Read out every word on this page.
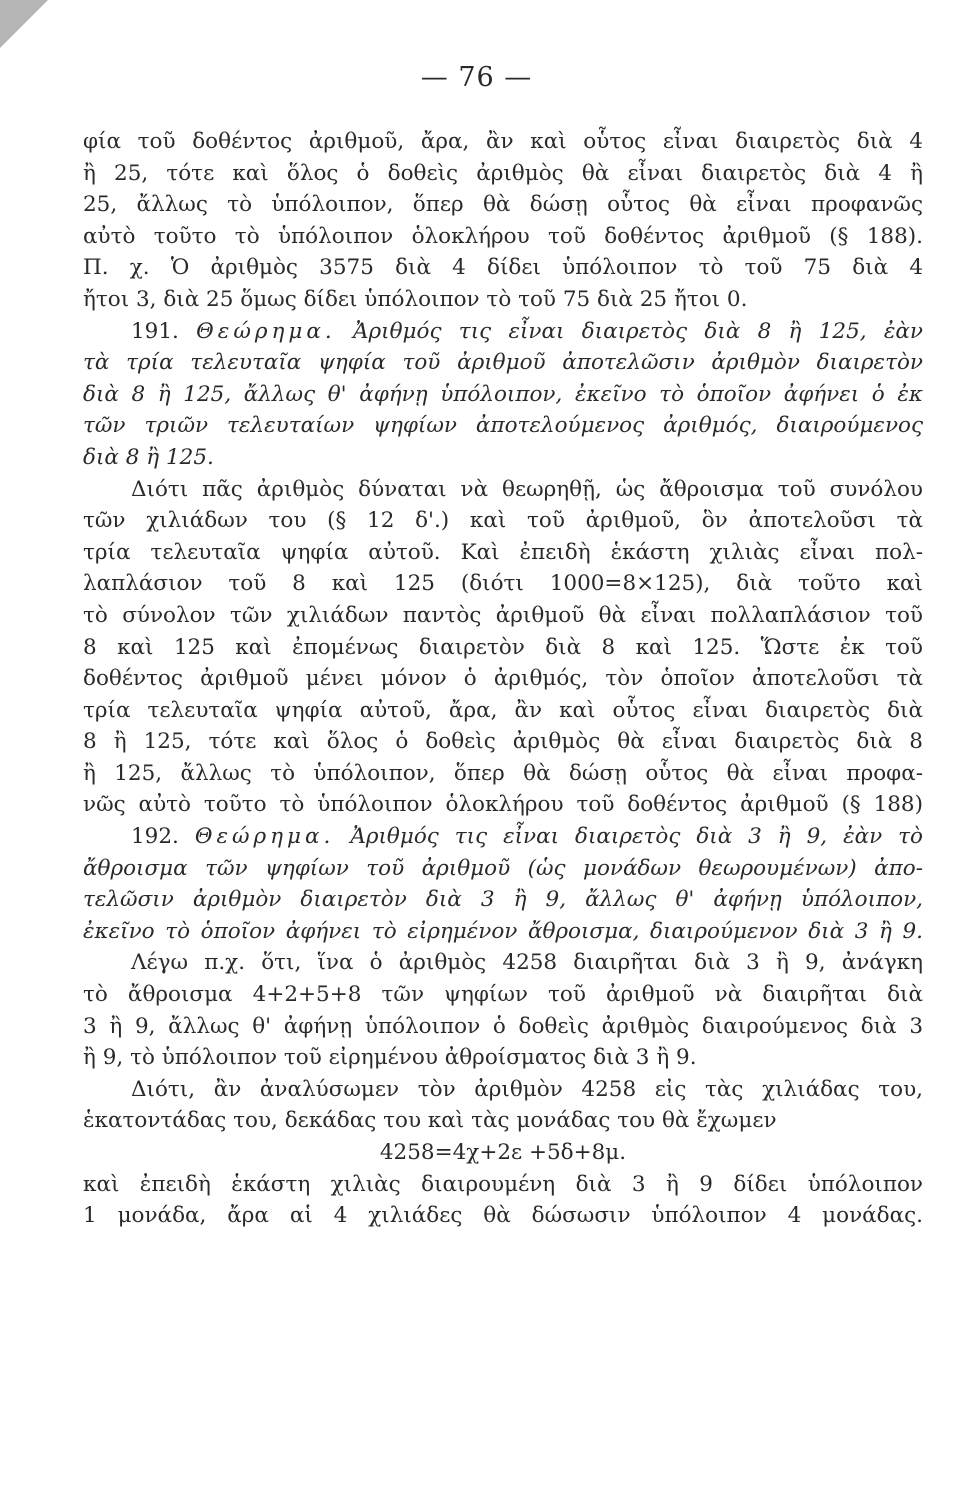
— 76 —
φία τοῦ δοθέντος ἀριθμοῦ, ἄρα, ἂν καὶ οὗτος εἶναι διαιρετὸς διὰ 4
ἢ 25, τότε καὶ ὅλος ὁ δοθεὶς ἀριθμὸς θὰ εἶναι διαιρετὸς διὰ 4 ἢ
25, ἄλλως τὸ ὑπόλοιπον, ὅπερ θὰ δώσῃ οὗτος θὰ εἶναι προφανῶς
αὐτὸ τοῦτο τὸ ὑπόλοιπον ὁλοκλήρου τοῦ δοθέντος ἀριθμοῦ (§ 188).
Π. χ. Ὁ ἀριθμὸς 3575 διὰ 4 δίδει ὑπόλοιπον τὸ τοῦ 75 διὰ 4
ἤτοι 3, διὰ 25 ὅμως δίδει ὑπόλοιπον τὸ τοῦ 75 διὰ 25 ἤτοι 0.
191. Θεώρημα. Ἀριθμός τις εἶναι διαιρετὸς διὰ 8 ἢ 125, ἐὰν
τὰ τρία τελευταῖα ψηφία τοῦ ἀριθμοῦ ἀποτελῶσιν ἀριθμὸν διαιρετὸν
διὰ 8 ἢ 125, ἄλλως θ' ἀφήνῃ ὑπόλοιπον, ἐκεῖνο τὸ ὁποῖον ἀφήνει ὁ ἐκ
τῶν τριῶν τελευταίων ψηφίων ἀποτελούμενος ἀριθμός, διαιρούμενος
διὰ 8 ἢ 125.
Διότι πᾶς ἀριθμὸς δύναται νὰ θεωρηθῇ, ὡς ἄθροισμα τοῦ συνόλου
τῶν χιλιάδων του (§ 12 δ'.) καὶ τοῦ ἀριθμοῦ, ὃν ἀποτελοῦσι τὰ
τρία τελευταῖα ψηφία αὐτοῦ. Καὶ ἐπειδὴ ἑκάστη χιλιὰς εἶναι πολ-
λαπλάσιον τοῦ 8 καὶ 125 (διότι 1000=8×125), διὰ τοῦτο καὶ
τὸ σύνολον τῶν χιλιάδων παντὸς ἀριθμοῦ θὰ εἶναι πολλαπλάσιον τοῦ
8 καὶ 125 καὶ ἐπομένως διαιρετὸν διὰ 8 καὶ 125. Ὥστε ἐκ τοῦ
δοθέντος ἀριθμοῦ μένει μόνον ὁ ἀριθμός, τὸν ὁποῖον ἀποτελοῦσι τὰ
τρία τελευταῖα ψηφία αὐτοῦ, ἄρα, ἂν καὶ οὗτος εἶναι διαιρετὸς διὰ
8 ἢ 125, τότε καὶ ὅλος ὁ δοθεὶς ἀριθμὸς θὰ εἶναι διαιρετὸς διὰ 8
ἢ 125, ἄλλως τὸ ὑπόλοιπον, ὅπερ θὰ δώσῃ οὗτος θὰ εἶναι προφα-
νῶς αὐτὸ τοῦτο τὸ ὑπόλοιπον ὁλοκλήρου τοῦ δοθέντος ἀριθμοῦ (§ 188)
192. Θεώρημα. Ἀριθμός τις εἶναι διαιρετὸς διὰ 3 ἢ 9, ἐὰν τὸ
ἄθροισμα τῶν ψηφίων τοῦ ἀριθμοῦ (ὡς μονάδων θεωρουμένων) ἀπο-
τελῶσιν ἀριθμὸν διαιρετὸν διὰ 3 ἢ 9, ἄλλως θ' ἀφήνῃ ὑπόλοιπον,
ἐκεῖνο τὸ ὁποῖον ἀφήνει τὸ εἰρημένον ἄθροισμα, διαιρούμενον διὰ 3 ἢ 9.
Λέγω π.χ. ὅτι, ἵνα ὁ ἀριθμὸς 4258 διαιρῆται διὰ 3 ἢ 9, ἀνάγκη
τὸ ἄθροισμα 4+2+5+8 τῶν ψηφίων τοῦ ἀριθμοῦ νὰ διαιρῆται διὰ
3 ἢ 9, ἄλλως θ' ἀφήνῃ ὑπόλοιπον ὁ δοθεὶς ἀριθμὸς διαιρούμενος διὰ 3
ἢ 9, τὸ ὑπόλοιπον τοῦ εἰρημένου ἀθροίσματος διὰ 3 ἢ 9.
Διότι, ἂν ἀναλύσωμεν τὸν ἀριθμὸν 4258 εἰς τὰς χιλιάδας του,
ἑκατοντάδας του, δεκάδας του καὶ τὰς μονάδας του θὰ ἔχωμεν
4258=4χ+2ε +5δ+8μ.
καὶ ἐπειδὴ ἑκάστη χιλιὰς διαιρουμένη διὰ 3 ἢ 9 δίδει ὑπόλοιπον
1 μονάδα, ἄρα αἱ 4 χιλιάδες θὰ δώσωσιν ὑπόλοιπον 4 μονάδας.
